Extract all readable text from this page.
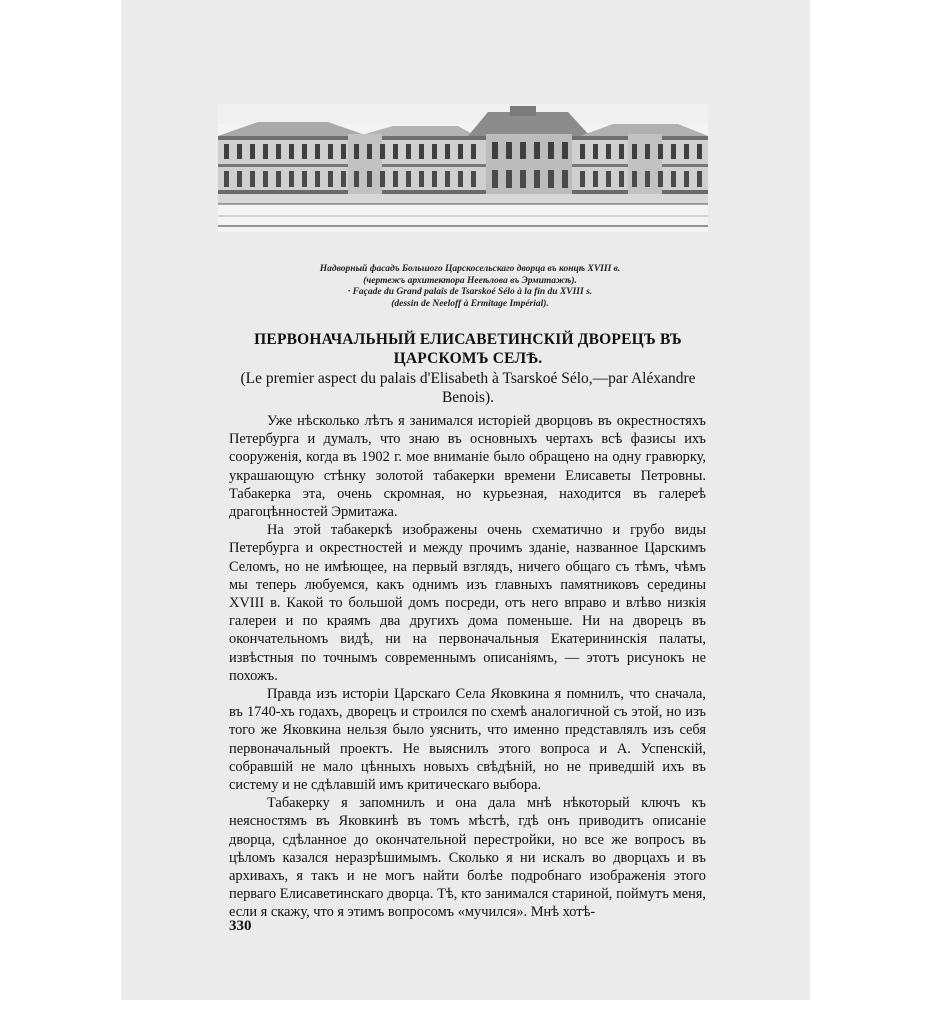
Надворный фасадъ Большого Царскосельскаго дворца въ концѣ XVIII в.
(чертежъ архитектора Нееѣлова въ Эрмитажѣ).
· Façade du Grand palais de Tsarskoé Sélo à la fin du XVIII s.
(dessin de Neeloff à Ermitage Impérial).
ПЕРВОНАЧАЛЬНЫЙ ЕЛИСАВЕТИНСКІЙ ДВОРЕЦЪ ВЪ ЦАРСКОМЪ СЕЛѢ.
(Le premier aspect du palais d'Elisabeth à Tsarskoé Sélo,—par Aléxandre Benois).

Уже нѣсколько лѣтъ я занимался исторіей дворцовъ въ окрестностяхъ Петербурга и думалъ, что знаю въ основныхъ чертахъ всѣ фазисы ихъ сооруженія, когда въ 1902 г. мое вниманіе было обращено на одну гравюрку, украшающую стѣнку золотой табакерки времени Елисаветы Петровны. Табакерка эта, очень скромная, но курьезная, находится въ галереѣ драгоцѣнностей Эрмитажа.

На этой табакеркѣ изображены очень схематично и грубо виды Петербурга и окрестностей и между прочимъ зданіе, названное Царскимъ Селомъ, но не имѣющее, на первый взглядъ, ничего общаго съ тѣмъ, чѣмъ мы теперь любуемся, какъ однимъ изъ главныхъ памятниковъ середины XVIII в. Какой то большой домъ посреди, отъ него вправо и влѣво низкія галереи и по краямъ два другихъ дома поменьше. Ни на дворецъ въ окончательномъ видѣ, ни на первоначальныя Екатерининскія палаты, извѣстныя по точнымъ современнымъ описаніямъ, — этотъ рисунокъ не похожъ.

Правда изъ исторіи Царскаго Села Яковкина я помнилъ, что сначала, въ 1740-хъ годахъ, дворецъ и строился по схемѣ аналогичной съ этой, но изъ того же Яковкина нельзя было уяснить, что именно представлялъ изъ себя первоначальный проектъ. Не выяснилъ этого вопроса и А. Успенскій, собравшій не мало цѣнныхъ новыхъ свѣдѣній, но не приведшій ихъ въ систему и не сдѣлавшій имъ критическаго выбора.

Табакерку я запомнилъ и она дала мнѣ нѣкоторый ключъ къ неясностямъ въ Яковкинѣ въ томъ мѣстѣ, гдѣ онъ приводитъ описаніе дворца, сдѣланное до окончательной перестройки, но все же вопросъ въ цѣломъ казался неразрѣшимымъ. Сколько я ни искалъ во дворцахъ и въ архивахъ, я такъ и не могъ найти болѣе подробнаго изображенія этого перваго Елисаветинскаго дворца. Тѣ, кто занимался стариной, поймутъ меня, если я скажу, что я этимъ вопросомъ «мучился». Мнѣ хотѣ-

330
